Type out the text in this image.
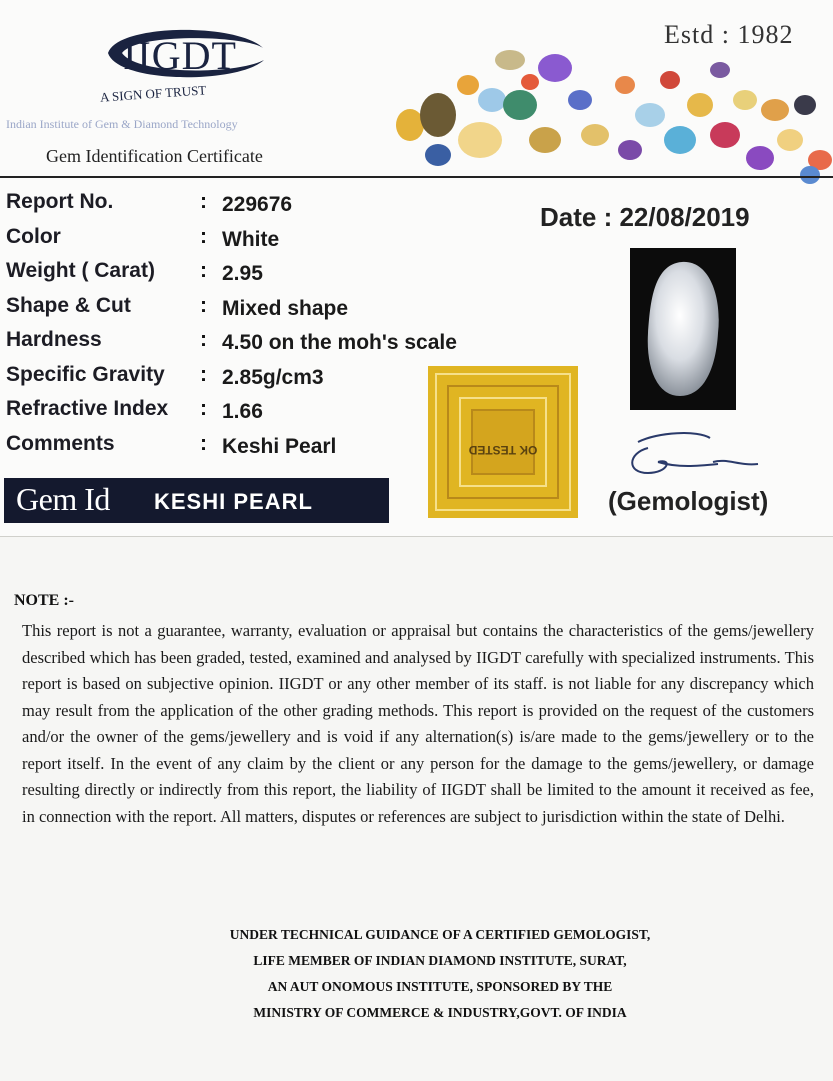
IIGDT
A SIGN OF TRUST
Indian Institute of Gem & Diamond Technology
Gem Identification Certificate
Estd : 1982
Report No.	: 229676
Color	: White
Weight ( Carat) : 2.95
Shape & Cut	: Mixed shape
Hardness	: 4.50 on the moh's scale
Specific Gravity : 2.85g/cm3
Refractive Index : 1.66
Comments	: Keshi Pearl
Date : 22/08/2019
OK TESTED
(Gemologist)
Gem Id KESHI PEARL
NOTE :-
This report is not a guarantee, warranty, evaluation or appraisal but contains the characteristics of the gems/jewellery described which has been graded, tested, examined and analysed by IIGDT carefully with specialized instruments. This report is based on subjective opinion. IIGDT or any other member of its staff. is not liable for any discrepancy which may result from the application of the other grading methods. This report is provided on the request of the customers and/or the owner of the gems/jewellery and is void if any alternation(s) is/are made to the gems/jewellery or to the report itself. In the event of any claim by the client or any person for the damage to the gems/jewellery, or damage resulting directly or indirectly from this report, the liability of IIGDT shall be limited to the amount it received as fee, in connection with the report. All matters, disputes or references are subject to jurisdiction within the state of Delhi.
UNDER TECHNICAL GUIDANCE OF A CERTIFIED GEMOLOGIST,
LIFE MEMBER OF INDIAN DIAMOND INSTITUTE, SURAT,
AN AUT ONOMOUS INSTITUTE, SPONSORED BY THE
MINISTRY OF COMMERCE & INDUSTRY,GOVT. OF INDIA
